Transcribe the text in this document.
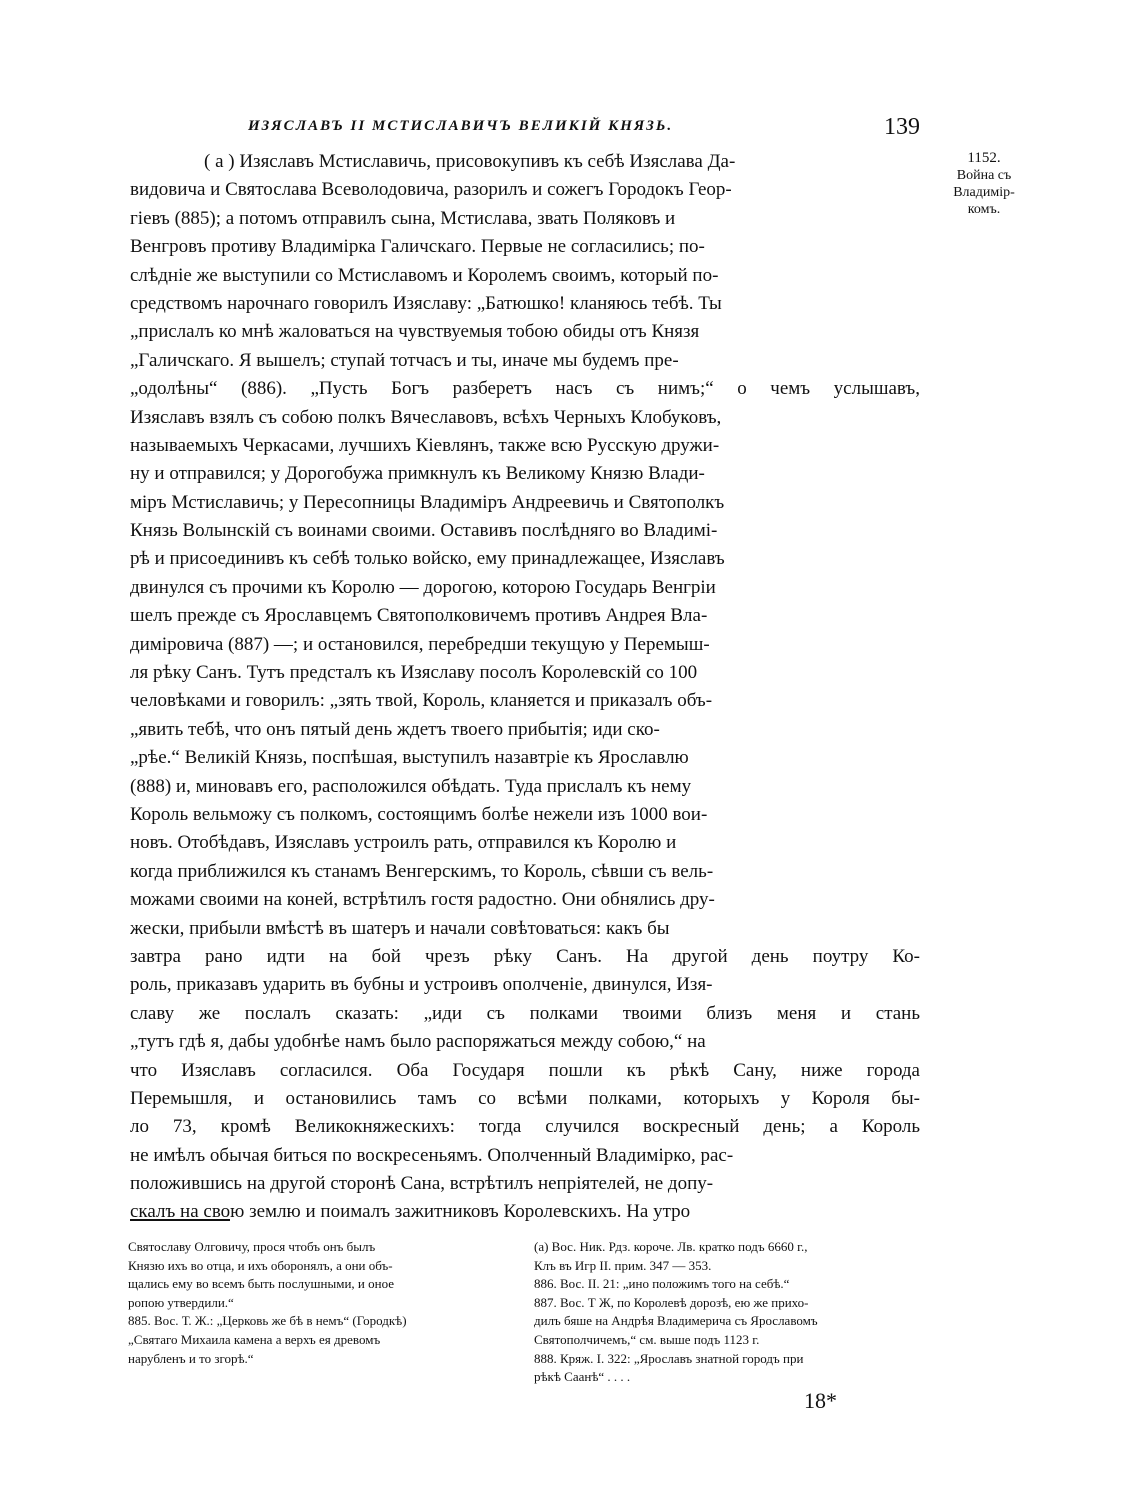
ИЗЯСЛАВЪ II МСТИСЛАВИЧЪ ВЕЛИКІЙ КНЯЗЬ.	139
1152.
Война съ
Владимір-
комъ.
( а ) Изяславъ Мстиславичь, присовокупивъ къ себѣ Изяслава Да-
видовича и Святослава Всеволодовича, разорилъ и сожегъ Городокъ Геор-
гіевъ (885); а потомъ отправилъ сына, Мстислава, звать Поляковъ и
Венгровъ противу Владимірка Галичскаго. Первые не согласились; по-
слѣдніе же выступили со Мстиславомъ и Королемъ своимъ, который по-
средствомъ нарочнаго говорилъ Изяславу: „Батюшко! кланяюсь тебѣ. Ты
„прислалъ ко мнѣ жаловаться на чувствуемыя тобою обиды отъ Князя
„Галичскаго. Я вышелъ; ступай тотчасъ и ты, иначе мы будемъ пре-
„одолѣны“ (886). „Пусть Богъ разберетъ насъ съ нимъ;“ о чемъ услышавъ,
Изяславъ взялъ съ собою полкъ Вячеславовъ, всѣхъ Черныхъ Клобуковъ,
называемыхъ Черкасами, лучшихъ Кіевлянъ, также всю Русскую дружи-
ну и отправился; у Дорогобужа примкнулъ къ Великому Князю Влади-
міръ Мстиславичь; у Пересопницы Владиміръ Андреевичь и Святополкъ
Князь Волынскій съ воинами своими. Оставивъ послѣдняго во Владимі-
рѣ и присоединивъ къ себѣ только войско, ему принадлежащее, Изяславъ
двинулся съ прочими къ Королю — дорогою, которою Государь Венгріи
шелъ прежде съ Ярославцемъ Святополковичемъ противъ Андрея Вла-
диміровича (887) —; и остановился, перебредши текущую у Перемыш-
ля рѣку Санъ. Тутъ предсталъ къ Изяславу посолъ Королевскій со 100
человѣками и говорилъ: „зять твой, Король, кланяется и приказалъ объ-
„явить тебѣ, что онъ пятый день ждетъ твоего прибытія; иди ско-
„рѣе.“ Великій Князь, поспѣшая, выступилъ назавтріе къ Ярославлю
(888) и, миновавъ его, расположился обѣдать. Туда прислалъ къ нему
Король вельможу съ полкомъ, состоящимъ болѣе нежели изъ 1000 вои-
новъ. Отобѣдавъ, Изяславъ устроилъ рать, отправился къ Королю и
когда приближился къ станамъ Венгерскимъ, то Король, сѣвши съ вель-
можами своими на коней, встрѣтилъ гостя радостно. Они обнялись дру-
жески, прибыли вмѣстѣ въ шатеръ и начали совѣтоваться: какъ бы
завтра рано идти на бой чрезъ рѣку Санъ. На другой день поутру Ко-
роль, приказавъ ударить въ бубны и устроивъ ополченіе, двинулся, Изя-
славу же послалъ сказать: „иди съ полками твоими близъ меня и стань
„тутъ гдѣ я, дабы удобнѣе намъ было распоряжаться между собою,“ на
что Изяславъ согласился. Оба Государя пошли къ рѣкѣ Сану, ниже города
Перемышля, и остановились тамъ со всѣми полками, которыхъ у Короля бы-
ло 73, кромѣ Великокняжескихъ: тогда случился воскресный день; а Король
не имѣлъ обычая биться по воскресеньямъ. Ополченный Владимірко, рас-
положившись на другой сторонѣ Сана, встрѣтилъ непріятелей, не допу-
скалъ на свою землю и поималъ зажитниковъ Королевскихъ. На утро
Святославу Олговичу, прося чтобъ онъ былъ
Князю ихъ во отца, и ихъ оборонялъ, а они объ-
щались ему во всемъ быть послушными, и оное
ропою утвердили.“
885. Вос. Т. Ж.: „Церковь же бѣ в немъ“ (Городкѣ)
„Святаго Михаила камена а верхъ ея древомъ
нарубленъ и то згорѣ.“
(а) Вос. Ник. Рдз. короче. Лв. кратко подъ 6660 г.,
Клъ въ Игр II. прим. 347 — 353.
886. Вос. II. 21: „ино положимъ того на себѣ.“
887. Вос. Т Ж, по Королевѣ дорозѣ, ею же прихо-
дилъ бяше на Андрѣя Владимерича съ Ярославомъ
Святополчичемъ,“ см. выше подъ 1123 г.
888. Кряж. I. 322: „Ярославъ знатной городъ при
рѣкѣ Саанѣ“ . . . .
18*
